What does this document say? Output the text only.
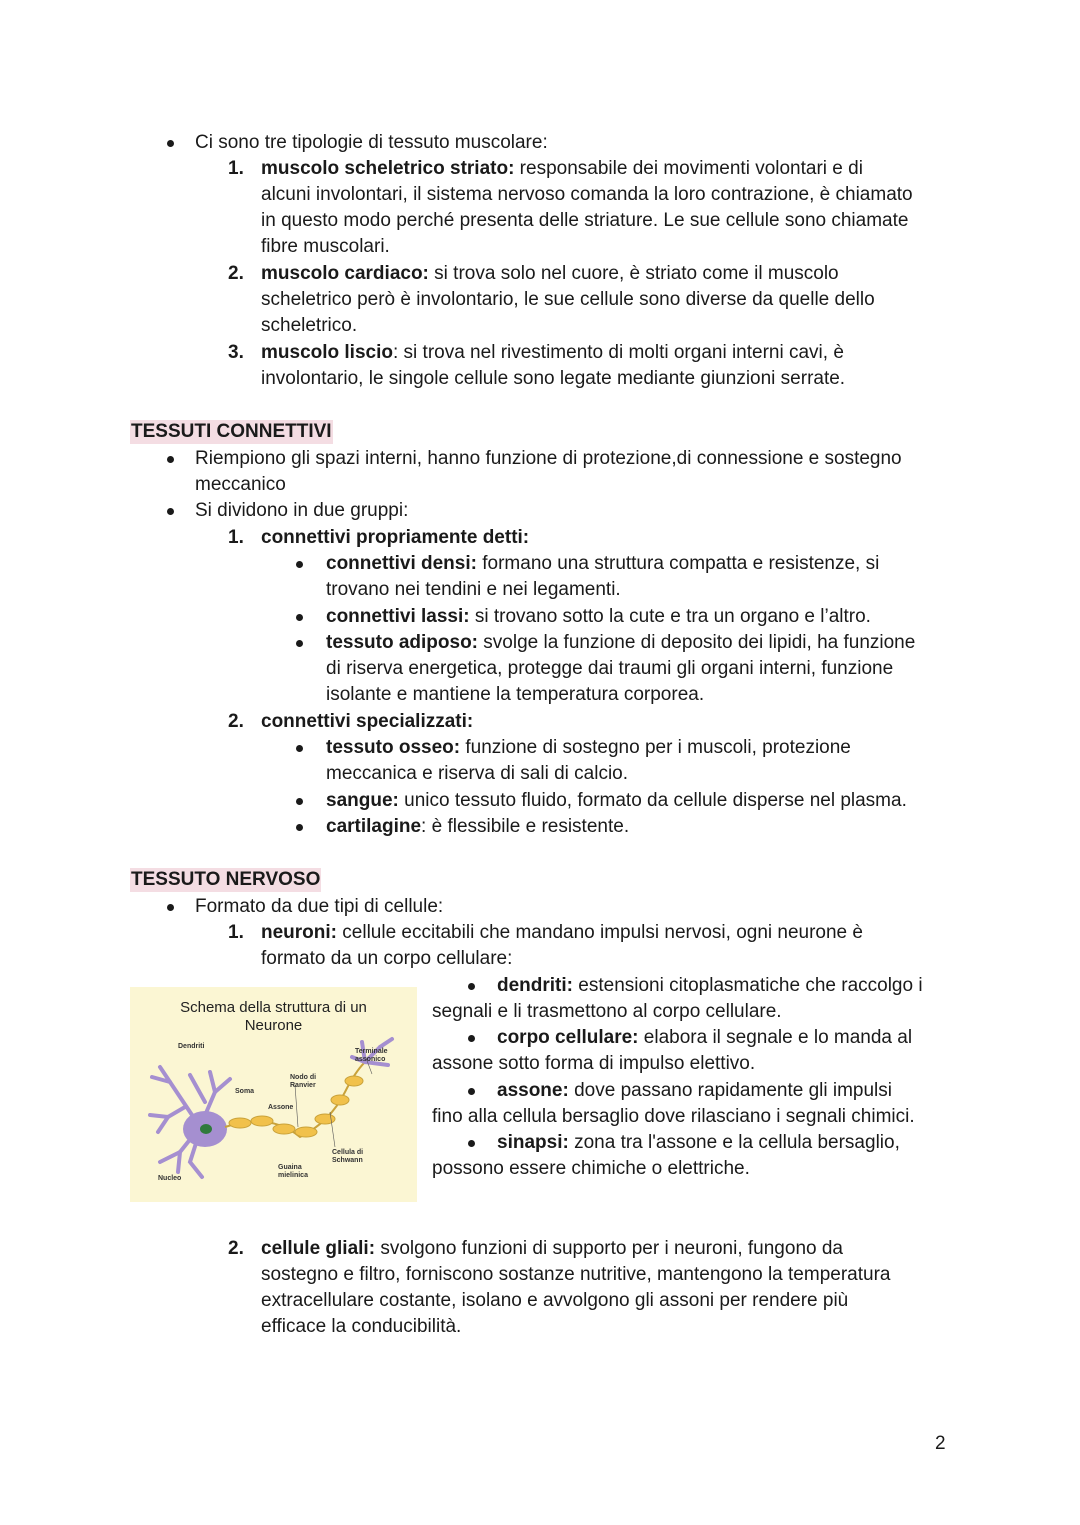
Ci sono tre tipologie di tessuto muscolare:
1. muscolo scheletrico striato: responsabile dei movimenti volontari e di
alcuni involontari, il sistema nervoso comanda la loro contrazione, è chiamato
in questo modo perché presenta delle striature. Le sue cellule sono chiamate
fibre muscolari.
2. muscolo cardiaco: si trova solo nel cuore, è striato come il muscolo
scheletrico però è involontario, le sue cellule sono diverse da quelle dello
scheletrico.
3. muscolo liscio: si trova nel rivestimento di molti organi interni cavi, è
involontario, le singole cellule sono legate mediante giunzioni serrate.
TESSUTI CONNETTIVI
Riempiono gli spazi interni, hanno funzione di protezione,di connessione e sostegno
meccanico
Si dividono in due gruppi:
1. connettivi propriamente detti:
connettivi densi: formano una struttura compatta e resistenze, si
trovano nei tendini e nei legamenti.
connettivi lassi: si trovano sotto la cute e tra un organo e l’altro.
tessuto adiposo: svolge la funzione di deposito dei lipidi, ha funzione
di riserva energetica, protegge dai traumi gli organi interni, funzione
isolante e mantiene la temperatura corporea.
2. connettivi specializzati:
tessuto osseo: funzione di sostegno per i muscoli, protezione
meccanica e riserva di sali di calcio.
sangue: unico tessuto fluido, formato da cellule disperse nel plasma.
cartilagine: è flessibile e resistente.
TESSUTO NERVOSO
Formato da due tipi di cellule:
1. neuroni: cellule eccitabili che mandano impulsi nervosi, ogni neurone è
formato da un corpo cellulare:
dendriti: estensioni citoplasmatiche che raccolgo i
segnali e li trasmettono al corpo cellulare.
corpo cellulare: elabora il segnale e lo manda al
assone sotto forma di impulso elettivo.
assone: dove passano rapidamente gli impulsi
fino alla cellula bersaglio dove rilasciano i segnali chimici.
sinapsi: zona tra l'assone e la cellula bersaglio,
possono essere chimiche o elettriche.
Schema della struttura di un
Neurone
Dendriti
Soma
Nodo di
Ranvier
Terminale
assonico
Assone
Nucleo
Guaina
mielinica
Cellula di
Schwann
2. cellule gliali: svolgono funzioni di supporto per i neuroni, fungono da
sostegno e filtro, forniscono sostanze nutritive, mantengono la temperatura
extracellulare costante, isolano e avvolgono gli assoni per rendere più
efficace la conducibilità.
2
